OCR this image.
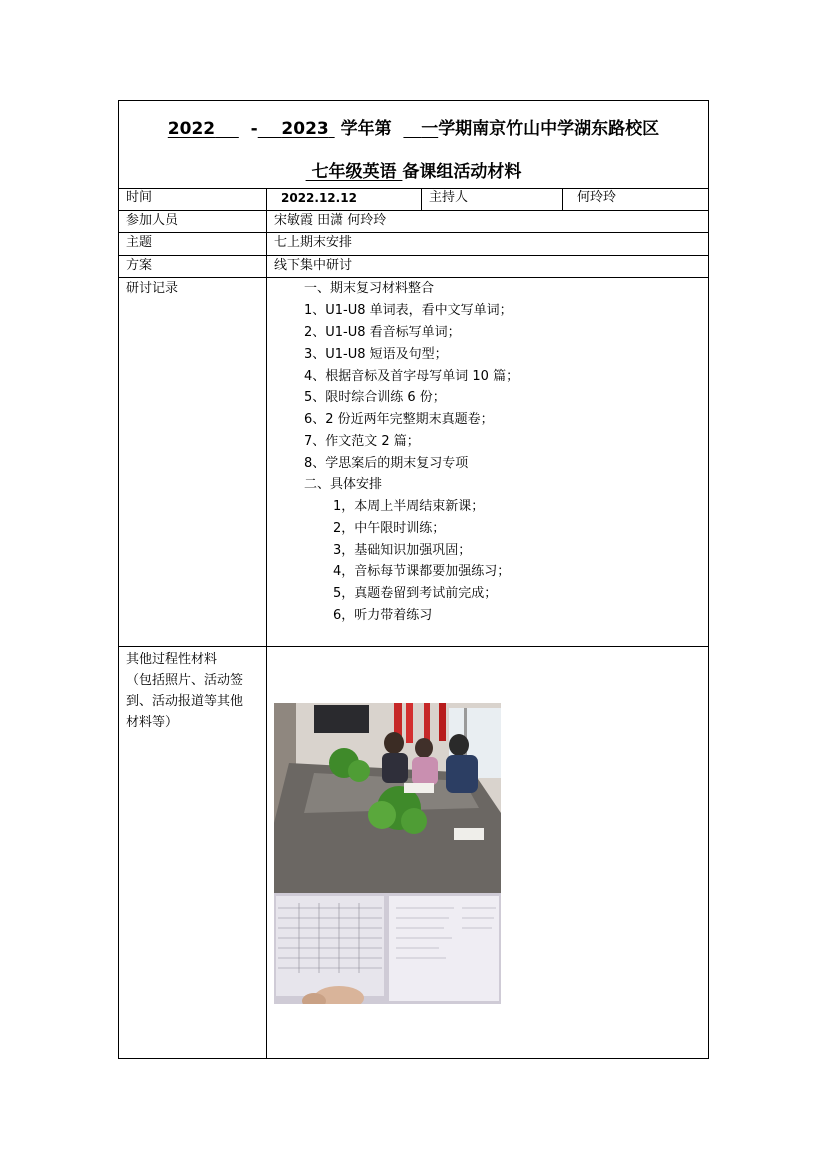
2022 - 2023 学年第 一学期南京竹山中学湖东路校区
七年级英语 备课组活动材料
时间	2022.12.12	主持人	何玲玲
参加人员	宋敏霞 田潇 何玲玲
主题	七上期末安排
方案	线下集中研讨
研讨记录	一、期末复习材料整合
1、U1-U8 单词表，看中文写单词；
2、U1-U8 看音标写单词；
3、U1-U8 短语及句型；
4、根据音标及首字母写单词 10 篇；
5、限时综合训练 6 份；
6、2 份近两年完整期末真题卷；
7、作文范文 2 篇；
8、学思案后的期末复习专项
二、具体安排
1，本周上半周结束新课；
2，中午限时训练；
3，基础知识加强巩固；
4，音标每节课都要加强练习；
5，真题卷留到考试前完成；
6，听力带着练习
其他过程性材料
（包括照片、活动签
到、活动报道等其他
材料等）
